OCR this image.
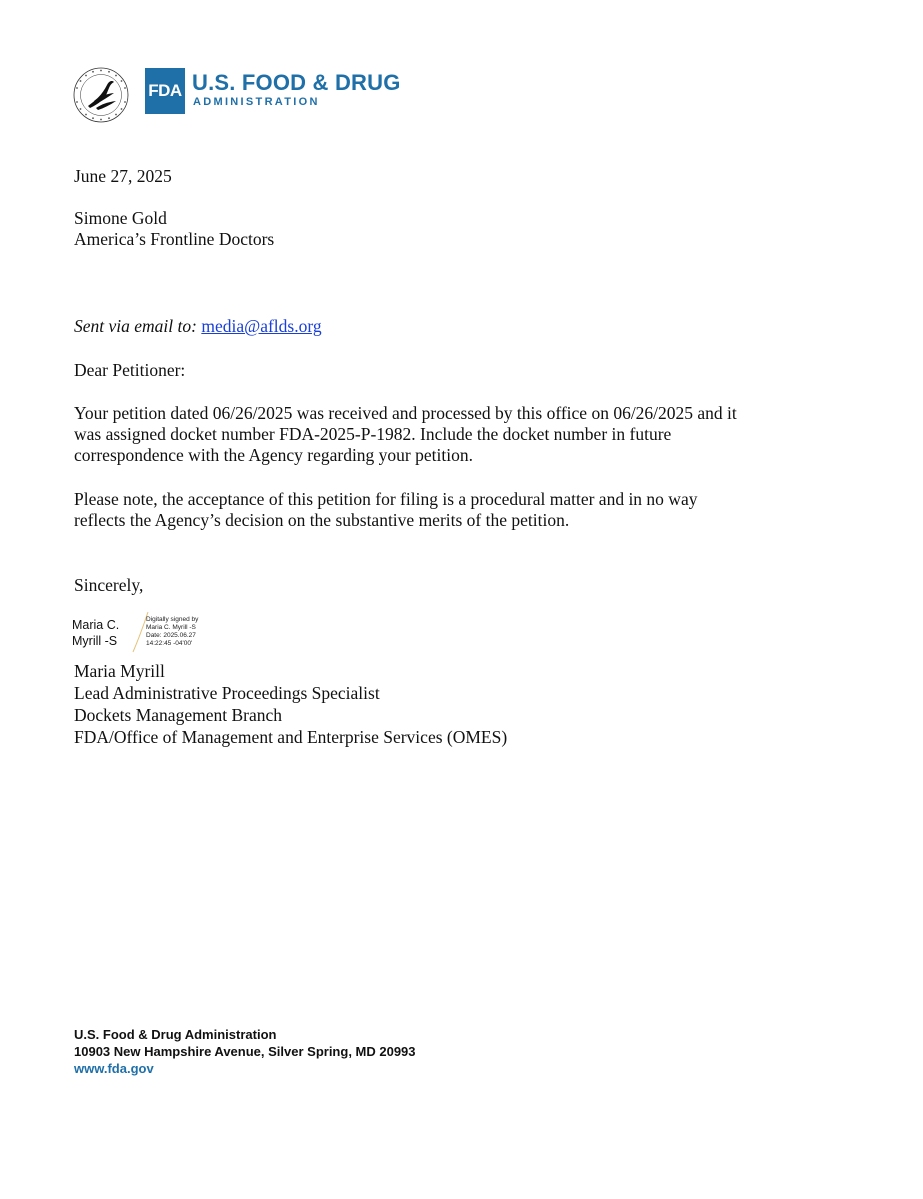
FDA U.S. FOOD & DRUG
ADMINISTRATION
June 27, 2025
Simone Gold
America’s Frontline Doctors
Sent via email to: media@aflds.org
Dear Petitioner:
Your petition dated 06/26/2025 was received and processed by this office on 06/26/2025 and it
was assigned docket number FDA-2025-P-1982. Include the docket number in future
correspondence with the Agency regarding your petition.
Please note, the acceptance of this petition for filing is a procedural matter and in no way
reflects the Agency’s decision on the substantive merits of the petition.
Sincerely,
Maria C.
Myrill -S
Digitally signed by
Maria C. Myrill -S
Date: 2025.06.27
14:22:45 -04'00'
Maria Myrill
Lead Administrative Proceedings Specialist
Dockets Management Branch
FDA/Office of Management and Enterprise Services (OMES)
U.S. Food & Drug Administration
10903 New Hampshire Avenue, Silver Spring, MD 20993
www.fda.gov
